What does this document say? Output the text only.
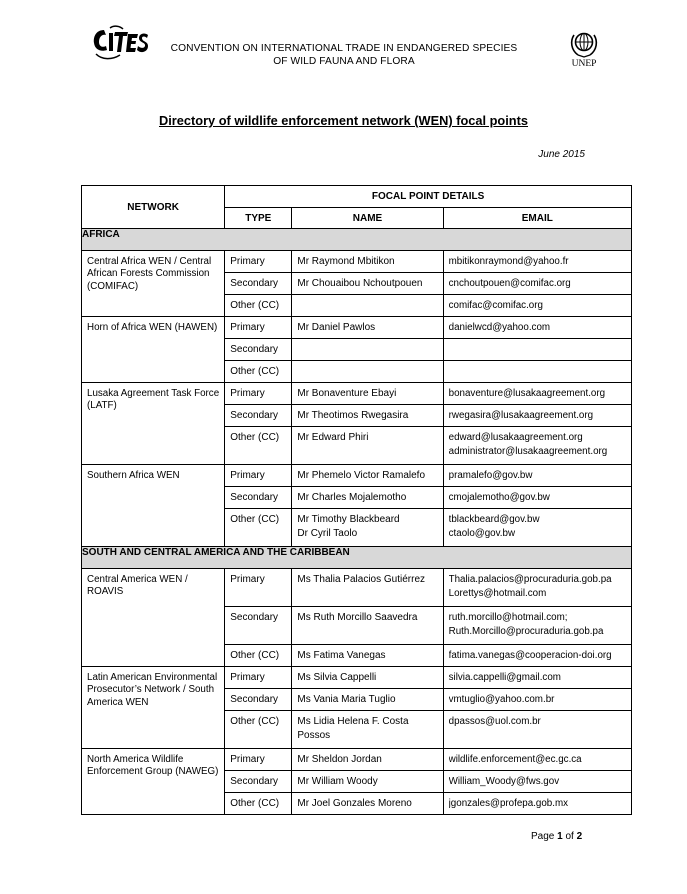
CONVENTION ON INTERNATIONAL TRADE IN ENDANGERED SPECIES
OF WILD FAUNA AND FLORA	UNEP
Directory of wildlife enforcement network (WEN) focal points
June 2015
NETWORK	FOCAL POINT DETAILS		
	TYPE	NAME	EMAIL
AFRICA			
Central Africa WEN / Central African Forests Commission (COMIFAC)	Primary	Mr Raymond Mbitikon	mbitikonraymond@yahoo.fr

	Secondary	Mr Chouaibou Nchoutpouen	cnchoutpouen@comifac.org

	Other (CC)		comifac@comifac.org

Horn of Africa WEN (HAWEN)	Primary	Mr Daniel Pawlos	danielwcd@yahoo.com

	Secondary		

	Other (CC)		

Lusaka Agreement Task Force (LATF)	Primary	Mr Bonaventure Ebayi	bonaventure@lusakaagreement.org

	Secondary	Mr Theotimos Rwegasira	rwegasira@lusakaagreement.org

	Other (CC)	Mr Edward Phiri	edward@lusakaagreement.org
administrator@lusakaagreement.org

Southern Africa WEN	Primary	Mr Phemelo Victor Ramalefo	pramalefo@gov.bw

	Secondary	Mr Charles Mojalemotho	cmojalemotho@gov.bw

	Other (CC)	Mr Timothy Blackbeard
Dr Cyril Taolo	tblackbeard@gov.bw
ctaolo@gov.bw

SOUTH AND CENTRAL AMERICA AND THE CARIBBEAN			
Central America WEN / ROAVIS	Primary	Ms Thalia Palacios Gutiérrez	Thalia.palacios@procuraduria.gob.pa
Lorettys@hotmail.com

	Secondary	Ms Ruth Morcillo Saavedra	ruth.morcillo@hotmail.com;
Ruth.Morcillo@procuraduria.gob.pa

	Other (CC)	Ms Fatima Vanegas	fatima.vanegas@cooperacion-doi.org

Latin American Environmental Prosecutor’s Network / South America WEN	Primary	Ms Silvia Cappelli	silvia.cappelli@gmail.com

	Secondary	Ms Vania Maria Tuglio	vmtuglio@yahoo.com.br

	Other (CC)	Ms Lidia Helena F. Costa
Possos	dpassos@uol.com.br

North America Wildlife Enforcement Group (NAWEG)	Primary	Mr Sheldon Jordan	wildlife.enforcement@ec.gc.ca

	Secondary	Mr William Woody	William_Woody@fws.gov

	Other (CC)	Mr Joel Gonzales Moreno	jgonzales@profepa.gob.mx
Page 1 of 2
